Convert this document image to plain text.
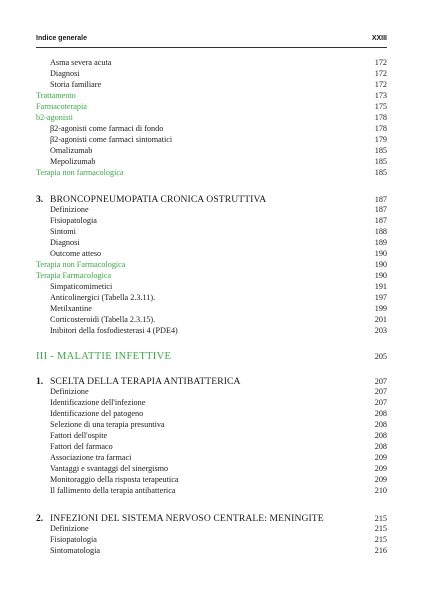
Indice generale	XXIII
Asma severa acuta	172
Diagnosi	172
Storia familiare	172
Trattamento	173
Farmacoterapia	175
b2-agonisti	178
β2-agonisti come farmaci di fondo	178
β2-agonisti come farmaci sintomatici	179
Omalizumab	185
Mepolizumab	185
Terapia non farmacologica	185
3. BRONCOPNEUMOPATIA CRONICA OSTRUTTIVA	187
Definizione	187
Fisiopatologia	187
Sintomi	188
Diagnosi	189
Outcome atteso	190
Terapia non Farmacologica	190
Terapia Farmacologica	190
Simpaticomimetici	191
Anticolinergici (Tabella 2.3.11).	197
Metilxantine	199
Corticosteroidi (Tabella 2.3.15).	201
Inibitori della fosfodiesterasi 4 (PDE4)	203
III - MALATTIE INFETTIVE	205
1. SCELTA DELLA TERAPIA ANTIBATTERICA	207
Definizione	207
Identificazione dell'infezione	207
Identificazione del patogeno	208
Selezione di una terapia presuntiva	208
Fattori dell'ospite	208
Fattori del farmaco	208
Associazione tra farmaci	209
Vantaggi e svantaggi del sinergismo	209
Monitoraggio della risposta terapeutica	209
Il fallimento della terapia antibatterica	210
2. INFEZIONI DEL SISTEMA NERVOSO CENTRALE: MENINGITE	215
Definizione	215
Fisiopatologia	215
Sintomatologia	216
